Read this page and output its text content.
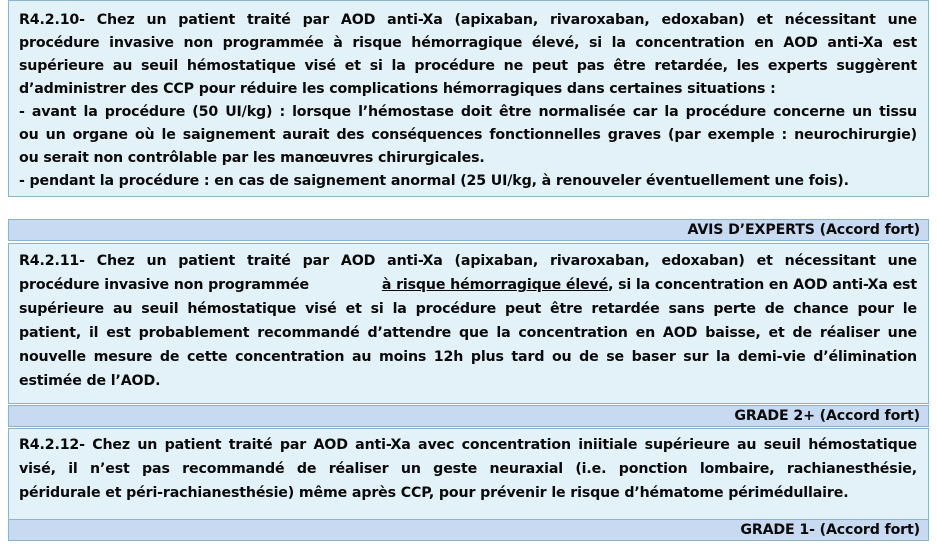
R4.2.10- Chez un patient traité par AOD anti-Xa (apixaban, rivaroxaban, edoxaban) et nécessitant une
procédure invasive non programmée à risque hémorragique élevé, si la concentration en AOD anti-Xa est
supérieure au seuil hémostatique visé et si la procédure ne peut pas être retardée, les experts suggèrent
d’administrer des CCP pour réduire les complications hémorragiques dans certaines situations :
- avant la procédure (50 UI/kg) : lorsque l’hémostase doit être normalisée car la procédure concerne un tissu
ou un organe où le saignement aurait des conséquences fonctionnelles graves (par exemple : neurochirurgie)
ou serait non contrôlable par les manœuvres chirurgicales.
- pendant la procédure : en cas de saignement anormal (25 UI/kg, à renouveler éventuellement une fois).
AVIS D’EXPERTS (Accord fort)
R4.2.11- Chez un patient traité par AOD anti-Xa (apixaban, rivaroxaban, edoxaban) et nécessitant une
procédure invasive non programmée	à risque hémorragique élevé, si la concentration en AOD anti-Xa est
supérieure au seuil hémostatique visé et si la procédure peut être retardée sans perte de chance pour le
patient, il est probablement recommandé d’attendre que la concentration en AOD baisse, et de réaliser une
nouvelle mesure de cette concentration au moins 12h plus tard ou de se baser sur la demi-vie d’élimination
estimée de l’AOD.
GRADE 2+ (Accord fort)
R4.2.12- Chez un patient traité par AOD anti-Xa avec concentration iniitiale supérieure au seuil hémostatique
visé, il n’est pas recommandé de réaliser un geste neuraxial (i.e. ponction lombaire, rachianesthésie,
péridurale et péri-rachianesthésie) même après CCP, pour prévenir le risque d’hématome périmédullaire.
GRADE 1- (Accord fort)
